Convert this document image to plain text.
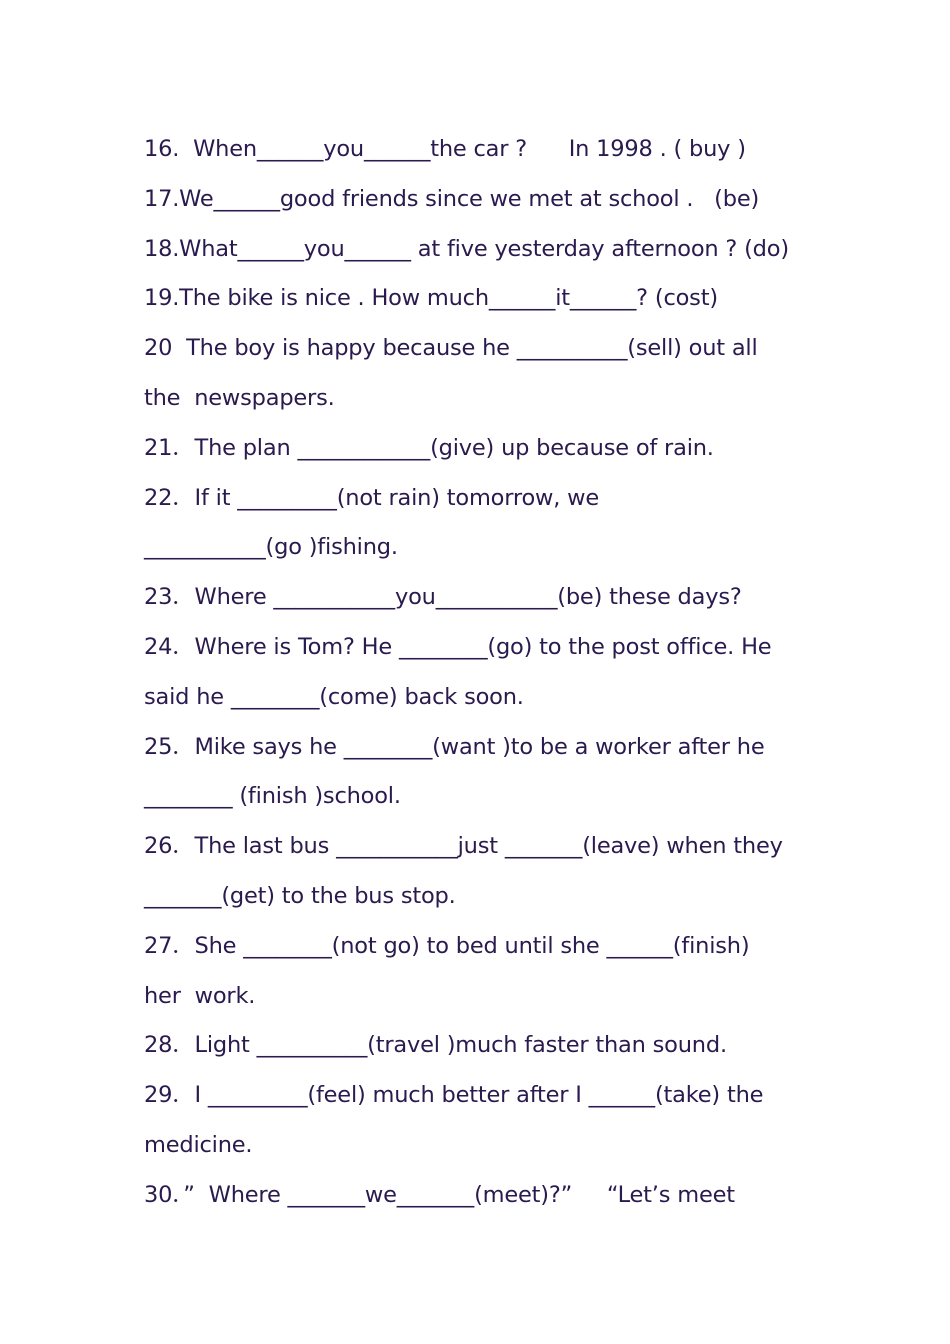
16.  When______you______the car ?      In 1998 . ( buy )
17.We______good friends since we met at school .   (be)
18.What______you______ at five yesterday afternoon ? (do)
19.The bike is nice . How much______it______? (cost)
20  The boy is happy because he __________(sell) out all
the  newspapers.
21．The plan ____________(give) up because of rain.
22．If it _________(not rain) tomorrow, we
___________(go )fishing.
23．Where ___________you___________(be) these days?
24．Where is Tom? He ________(go) to the post office. He
said he ________(come) back soon.
25．Mike says he ________(want )to be a worker after he
________ (finish )school.
26．The last bus ___________just _______(leave) when they
_______(get) to the bus stop.
27．She ________(not go) to bed until she ______(finish)
her  work.
28．Light __________(travel )much faster than sound.
29．I _________(feel) much better after I ______(take) the
medicine.
30．”  Where _______we_______(meet)?”     “Let’s meet
